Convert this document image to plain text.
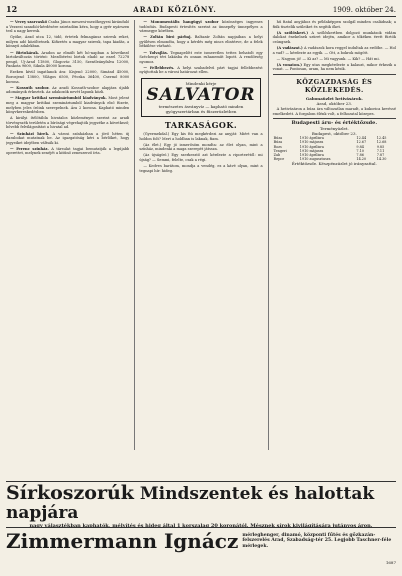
12	ARADI KÖZLÖNY.	1909. október 24.

— Vevey szarvaskő Csaba János meszesi-mezőhegyesi kiránduló a Vezzesi szandiói-kérdésére sziréadóm kéra, hogy a gyér nyárszen tesl a nagy keresk.

Gyöke, Arad utca 12, tidő, értetek felmagánsz sziresk reket, milyen adó közöltetnek. Kifizetés a magyar sziresk, tapa kiadás, a könnyű adalekban.

— Birtokárak. Aradon az elmúlt két hó-napban a következő birtokváltozás történt: Mezőbérési birtok eladó az ezzel 72278 pengő, Uj-Arad 11800, Glogovác 3150, Szentleányfalva 12000, Pankota 9600, Sikula 40000 korona.

Ezeken kívül ingatlanok ára: Kisjenő 22000, Simánd 45000, Borosjenő 13800, Világos 6500, Pécska 36400, Csermő 8000 korona.

— Kossuth szobor. Az aradi Kossuth-szobor alapjára újabb adományok érkeztek. Az adakozók nevét lapunk közli.

— Magyar kritikai szemináriumból kiadványok. Most jelent meg a magyar kritikai szemináriumból kiadványok első füzete, melyben jeles íróink szerepelnek. Ára 2 korona. Kapható minden könyvkereskedésben.

A királyi ítélőtábla hivatalos közleményei szerint az aradi törvényszék területén a bírósági végrehajtók jegyzéke a következő; bővebb felvilágosítást a hivatal ad.

— Színházi hírek. A városi színházban a jövő héten új darabokat mutatnak be. Az igazgatóság kéri a bérlőket, hogy jegyeiket idejében váltsák ki.

— Ferenc szinház. A társulat tagjai bemutatják a legújabb operettet, melynek zenéjét a kitűnő zeneszerző írta.

— Monumentális hangügyi szobor közönséges ingyenes tudósítás. Budapesti értesítés szerint az ünnepély ünnepélyes a vármegye körében.

— Zoltán bíró párbaj. Baltazár Zoltán napjaiban a helyi gyűlésen elmondta, hogy a kérdés még nincs elintézve, de a felek békülése várható.

— Tolvajlás. Tegnapelőtt este ismeretlen tettes behatolt egy Széchenyi téri lakásba és onnan ruhaneműt lopott. A rendőrség nyomoz.

— Fellebbezés. A helyi szabadelvű párt tagjai fellebbezést nyújtottak be a városi határozat ellen.

Mindenki kérje
SALVATOR
természetes ásványvíz — kapható minden gyógyszertárban és fűszerüzletben
TARKASÁGOK.

(Gyermekdal.) Egy kis fiú megkérdezi az anyját: Miért van a holdon folt? Mert a holdban is laknak, fiam.

(Az élet.) Egy jó ismerősöm mondta: az élet olyan, mint a színház, mindenki a maga szerepét játssza.

(Az újságíró.) Egy szerkesztő azt kérdezte a riporterétől: mi újság? — Semmi, felelte, csak a régi.

— Kedves barátom, mondja a vendég, ez a kávé olyan, mint a tegnapi hír: hideg.

hű fiatal anyjához és példaképpen szolgál minden családnak; a fiúk tisztelik szüleiket és segítik őket.

(A szőlőskert.) A szőlőskertben dolgozó munkások vidám dalokat énekelnek szüret idején, amikor a tőkéken érett fürtök csüngnek.

(A vadászat.) A vadászok kora reggel indultak az erdőbe. — Hol a vad? — kérdezte az egyik. — Ott, a bokrok mögött.

— Nagyon jó! — Ki az? — Mi vagyunk. — Kik? — Hát mi.

(A vonaton.) Egy utas megkérdezte a kalauzt, mikor érkezik a vonat. — Pontosan, uram, ha nem késik.

KÖZGAZDASÁG ÉS KÖZLEKEDÉS.
Gabonaüzlet hetivásárok.
Arad, október 23.

A hetivásáron a búza ára változatlan maradt, a kukorica kevéssé emelkedett. A forgalom élénk volt, a felhozatal közepes.

Budapesti áru- és értéktőzsde.
Terményüzlet.
Budapest, október 23.
Búza	1910 áprilisra	12.44	12.45
Búza	1910 májusra	12.67	12.68
Rozs	1910 áprilisra	9.84	9.85
Tengeri	1910 májusra	7.10	7.11
Zab	1910 áprilisra	7.86	7.87
Repce	1910 augusztusra	14.20	14.30
Értéktőzsde. Készpénzüzlet jó irányzattal.
Sírkoszorúk Mindszentek és halottak napjára
nagy választékban kaphatók, mélyítés és hideg által 1 korszalag 20 koronától. Mésznek sírok kivilágítására jutányos áron.
Zimmermann Ignácz mérleghenger, dinamó, központi fűtés és gőzkazán-felszerelés Arad, Szabadság-tér 25. Legjobb Taschner-féle mérlegek.
1687
